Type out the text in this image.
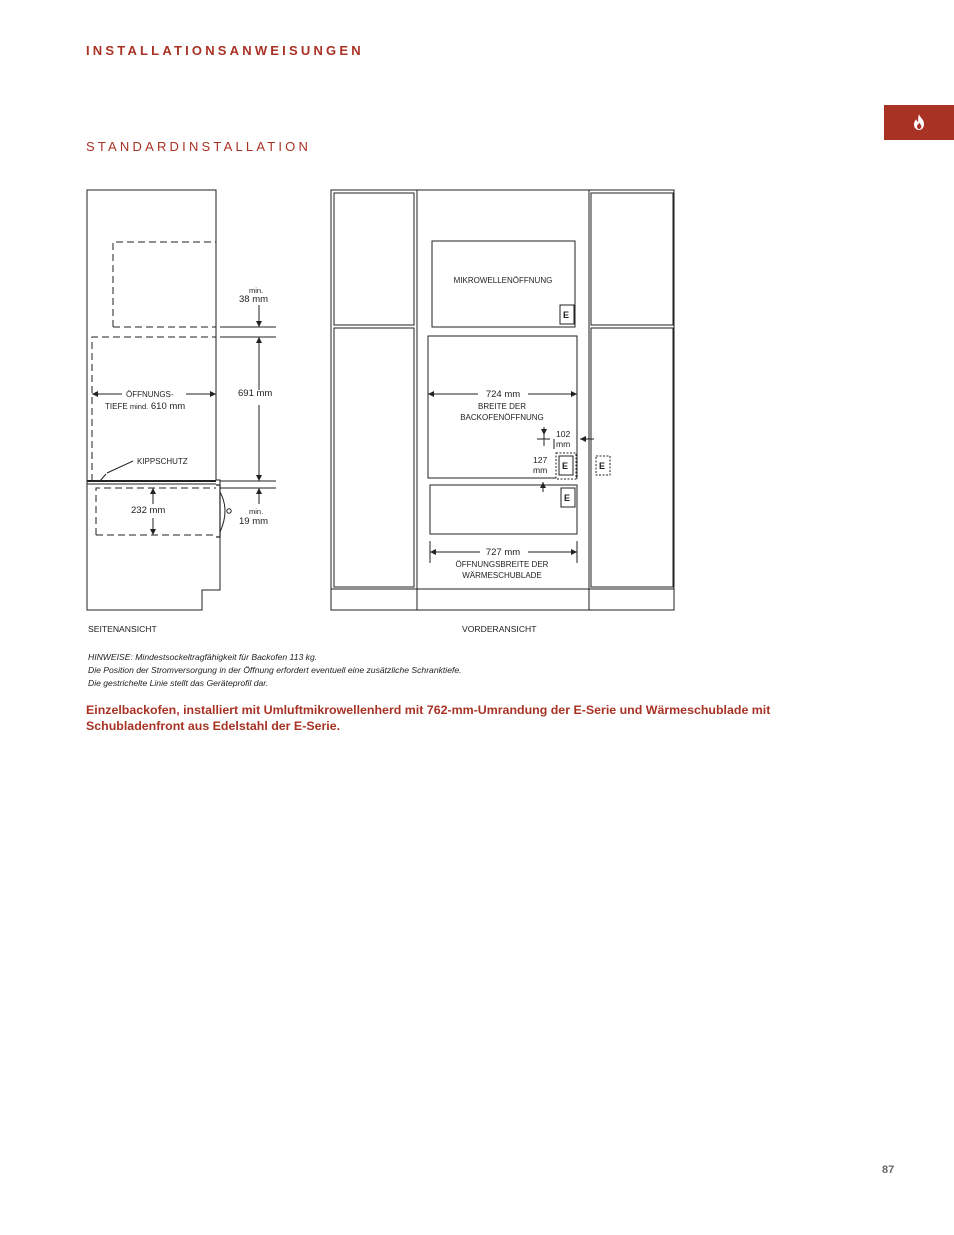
INSTALLATIONSANWEISUNGEN
STANDARDINSTALLATION
min.
38 mm
691 mm
ÖFFNUNGS-
TIEFE mind. 610 mm
KIPPSCHUTZ
232 mm	min.
19 mm
E
E
E
E
MIKROWELLENÖFFNUNG
724 mm
BREITE DER
BACKOFENÖFFNUNG
102
mm
127
mm
727 mm
ÖFFNUNGSBREITE DER
WÄRMESCHUBLADE
SEITENANSICHT	VORDERANSICHT
HINWEISE: Mindestsockeltragfähigkeit für Backofen 113 kg.
Die Position der Stromversorgung in der Öffnung erfordert eventuell eine zusätzliche Schranktiefe.
Die gestrichelte Linie stellt das Geräteprofil dar.
Einzelbackofen, installiert mit Umluftmikrowellenherd mit 762-mm-Umrandung der E-Serie und Wärmeschublade mit Schubladenfront aus Edelstahl der E-Serie.
87
